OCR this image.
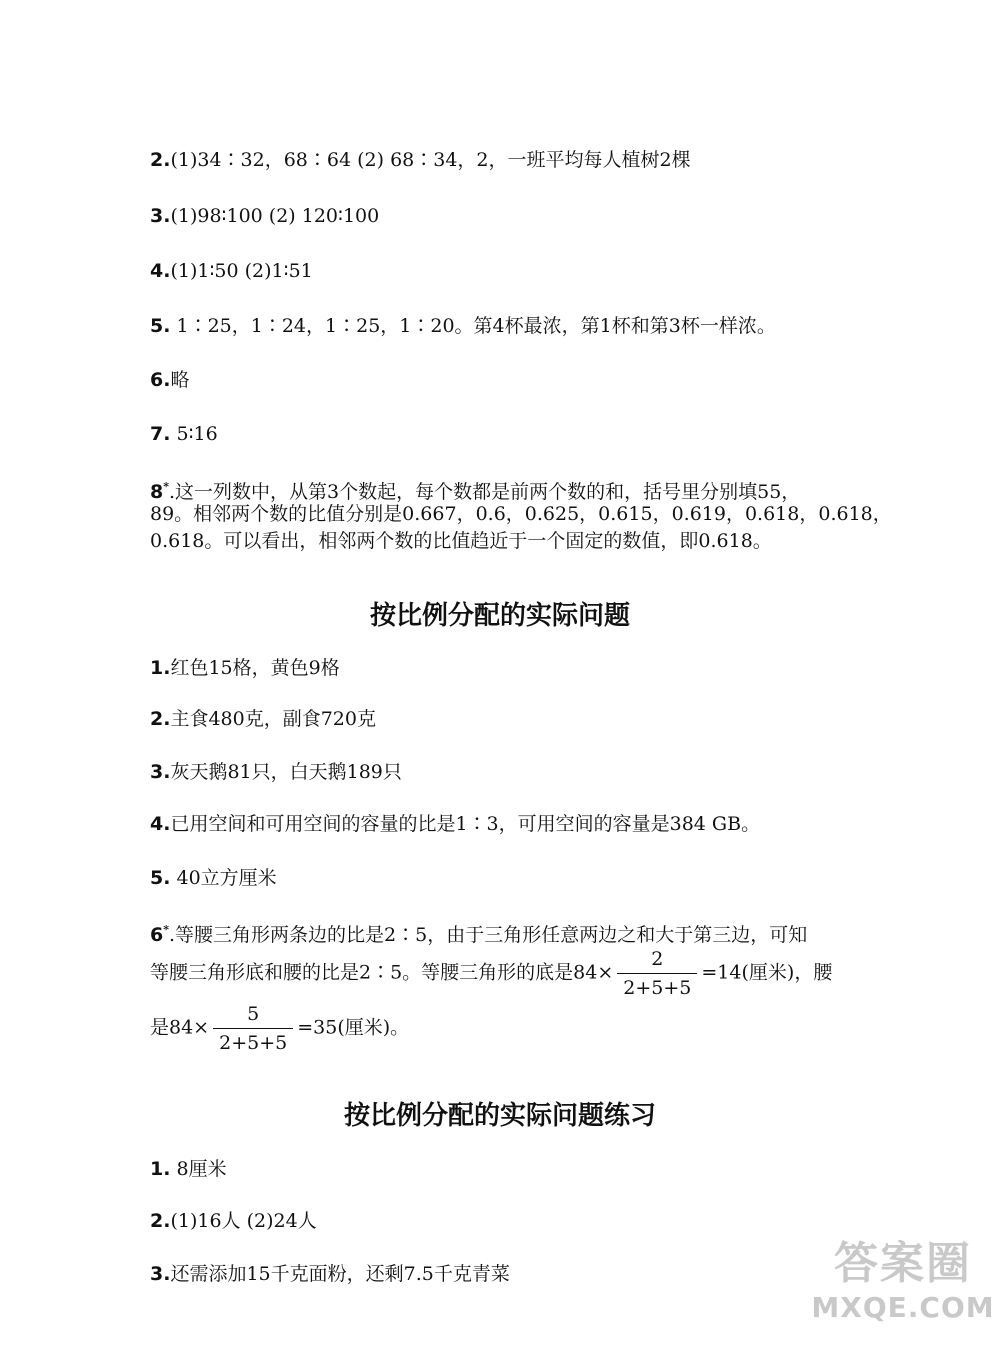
2.(1)34∶32，68∶64 (2) 68∶34，2，一班平均每人植树2棵
3.(1)98∶100 (2) 120∶100
4.(1)1∶50 (2)1∶51
5. 1∶25，1∶24，1∶25，1∶20。第4杯最浓，第1杯和第3杯一样浓。
6.略
7. 5∶16
8*.这一列数中，从第3个数起，每个数都是前两个数的和，括号里分别填55，
89。相邻两个数的比值分别是0.667，0.6，0.625，0.615，0.619，0.618，0.618，
0.618。可以看出，相邻两个数的比值趋近于一个固定的数值，即0.618。
按比例分配的实际问题
1.红色15格，黄色9格
2.主食480克，副食720克
3.灰天鹅81只，白天鹅189只
4.已用空间和可用空间的容量的比是1∶3，可用空间的容量是384 GB。
5. 40立方厘米
6*.等腰三角形两条边的比是2∶5，由于三角形任意两边之和大于第三边，可知
等腰三角形底和腰的比是2∶5。等腰三角形的底是$84\times \frac{2}{2+5+5} =14$(厘米)，腰
是$84\times \frac{5}{2+5+5} =35$(厘米)。
按比例分配的实际问题练习
1. 8厘米
2.(1)16人 (2)24人
3.还需添加15千克面粉，还剩7.5千克青菜	答案圈
MXQE.COM
